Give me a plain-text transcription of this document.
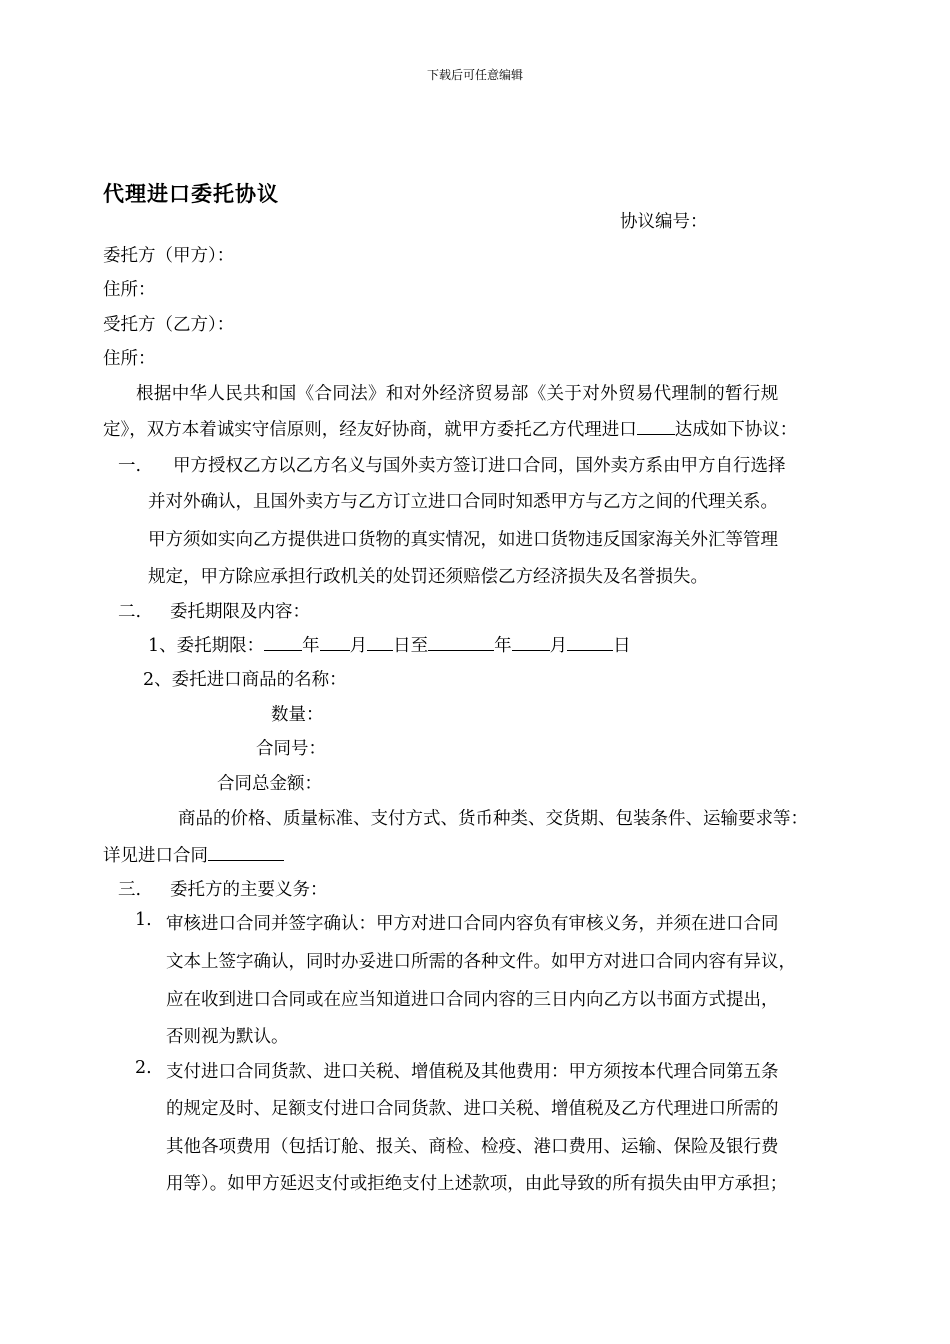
下载后可任意编辑
代理进口委托协议
协议编号：
委托方（甲方）：
住所：
受托方（乙方）：
住所：
根据中华人民共和国《合同法》和对外经济贸易部《关于对外贸易代理制的暂行规
定》，双方本着诚实守信原则，经友好协商，就甲方委托乙方代理进口 达成如下协议：
一. 甲方授权乙方以乙方名义与国外卖方签订进口合同，国外卖方系由甲方自行选择
并对外确认，且国外卖方与乙方订立进口合同时知悉甲方与乙方之间的代理关系。
甲方须如实向乙方提供进口货物的真实情况，如进口货物违反国家海关外汇等管理
规定，甲方除应承担行政机关的处罚还须赔偿乙方经济损失及名誉损失。
二. 委托期限及内容：
1、委托期限： 年 月 日至	年 月	日
2、委托进口商品的名称：
数量：
合同号：
合同总金额：
商品的价格、质量标准、支付方式、货币种类、交货期、包装条件、运输要求等：
详见进口合同
三. 委托方的主要义务：
1. 审核进口合同并签字确认：甲方对进口合同内容负有审核义务，并须在进口合同
文本上签字确认，同时办妥进口所需的各种文件。如甲方对进口合同内容有异议，
应在收到进口合同或在应当知道进口合同内容的三日内向乙方以书面方式提出，
否则视为默认。
2. 支付进口合同货款、进口关税、增值税及其他费用：甲方须按本代理合同第五条
的规定及时、足额支付进口合同货款、进口关税、增值税及乙方代理进口所需的
其他各项费用（包括订舱、报关、商检、检疫、港口费用、运输、保险及银行费
用等）。如甲方延迟支付或拒绝支付上述款项，由此导致的所有损失由甲方承担；
